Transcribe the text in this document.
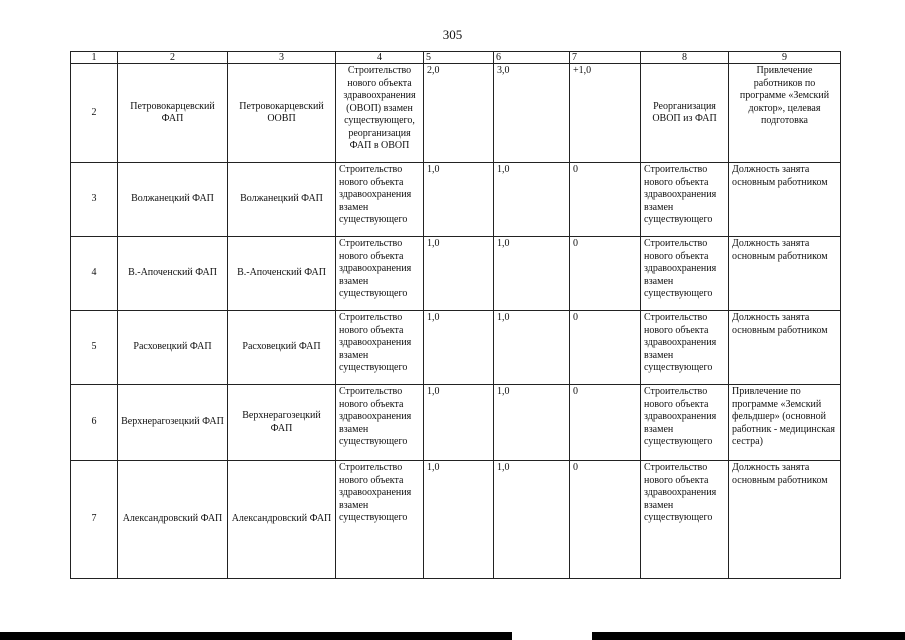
305
1	2	3	4	5	6	7	8	9
2	Петровокарцевский ФАП	Петровокарцевский ООВП	Строительство нового объекта здравоохранения (ОВОП) взамен существующего, реорганизация ФАП в ОВОП	2,0	3,0	+1,0	Реорганизация ОВОП из ФАП	Привлечение работников по программе «Земский доктор», целевая подготовка
3	Волжанецкий ФАП	Волжанецкий ФАП	Строительство нового объекта здравоохранения взамен существующего	1,0	1,0	0	Строительство нового объекта здравоохранения взамен существующего	Должность занята основным работником
4	В.-Апоченский ФАП	В.-Апоченский ФАП	Строительство нового объекта здравоохранения взамен существующего	1,0	1,0	0	Строительство нового объекта здравоохранения взамен существующего	Должность занята основным работником
5	Расховецкий ФАП	Расховецкий ФАП	Строительство нового объекта здравоохранения взамен существующего	1,0	1,0	0	Строительство нового объекта здравоохранения взамен существующего	Должность занята основным работником
6	Верхнерагозецкий ФАП	Верхнерагозецкий ФАП	Строительство нового объекта здравоохранения взамен существующего	1,0	1,0	0	Строительство нового объекта здравоохранения взамен существующего	Привлечение по программе «Земский фельдшер» (основной работник - медицинская сестра)
7	Александровский ФАП	Александровский ФАП	Строительство нового объекта здравоохранения взамен существующего	1,0	1,0	0	Строительство нового объекта здравоохранения взамен существующего	Должность занята основным работником
